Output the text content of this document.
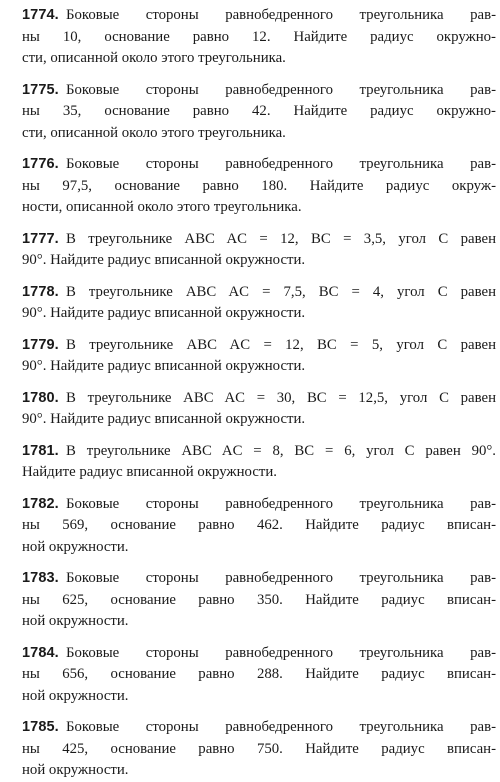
1774. Боковые стороны равнобедренного треугольника рав-
ны 10, основание равно 12. Найдите радиус окружно-
сти, описанной около этого треугольника.
1775. Боковые стороны равнобедренного треугольника рав-
ны 35, основание равно 42. Найдите радиус окружно-
сти, описанной около этого треугольника.
1776. Боковые стороны равнобедренного треугольника рав-
ны 97,5, основание равно 180. Найдите радиус окруж-
ности, описанной около этого треугольника.
1777. В треугольнике ABC AC = 12, BC = 3,5, угол C равен
90°. Найдите радиус вписанной окружности.
1778. В треугольнике ABC AC = 7,5, BC = 4, угол C равен
90°. Найдите радиус вписанной окружности.
1779. В треугольнике ABC AC = 12, BC = 5, угол C равен
90°. Найдите радиус вписанной окружности.
1780. В треугольнике ABC AC = 30, BC = 12,5, угол C равен
90°. Найдите радиус вписанной окружности.
1781. В треугольнике ABC AC = 8, BC = 6, угол C равен 90°.
Найдите радиус вписанной окружности.
1782. Боковые стороны равнобедренного треугольника рав-
ны 569, основание равно 462. Найдите радиус вписан-
ной окружности.
1783. Боковые стороны равнобедренного треугольника рав-
ны 625, основание равно 350. Найдите радиус вписан-
ной окружности.
1784. Боковые стороны равнобедренного треугольника рав-
ны 656, основание равно 288. Найдите радиус вписан-
ной окружности.
1785. Боковые стороны равнобедренного треугольника рав-
ны 425, основание равно 750. Найдите радиус вписан-
ной окружности.
